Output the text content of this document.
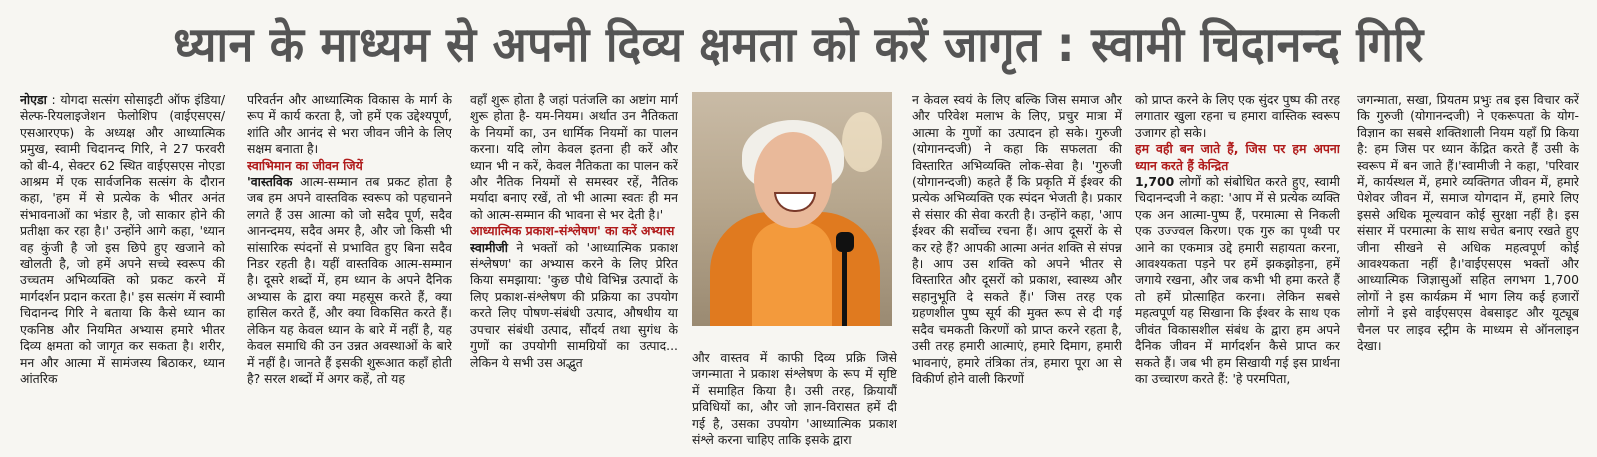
ध्यान के माध्यम से अपनी दिव्य क्षमता को करें जागृत : स्वामी चिदानन्द गिरि

नोएडा : योगदा सत्संग सोसाइटी ऑफ इंडिया/सेल्फ-रियलाइजेशन फेलोशिप (वाईएसएस/एसआरएफ) के अध्यक्ष और आध्यात्मिक प्रमुख, स्वामी चिदानन्द गिरि, ने 27 फरवरी को बी-4, सेक्टर 62 स्थित वाईएसएस नोएडा आश्रम में एक सार्वजनिक सत्संग के दौरान कहा, 'हम में से प्रत्येक के भीतर अनंत संभावनाओं का भंडार है, जो साकार होने की प्रतीक्षा कर रहा है।' उन्होंने आगे कहा, 'ध्यान वह कुंजी है जो इस छिपे हुए खजाने को खोलती है, जो हमें अपने सच्चे स्वरूप की उच्चतम अभिव्यक्ति को प्रकट करने में मार्गदर्शन प्रदान करता है।' इस सत्संग में स्वामी चिदानन्द गिरि ने बताया कि कैसे ध्यान का एकनिष्ठ और नियमित अभ्यास हमारे भीतर दिव्य क्षमता को जागृत कर सकता है। शरीर, मन और आत्मा में सामंजस्य बिठाकर, ध्यान आंतरिक

परिवर्तन और आध्यात्मिक विकास के मार्ग के रूप में कार्य करता है, जो हमें एक उद्देश्यपूर्ण, शांति और आनंद से भरा जीवन जीने के लिए सक्षम बनाता है।

स्वाभिमान का जीवन जियें

'वास्तविक आत्म-सम्मान तब प्रकट होता है जब हम अपने वास्तविक स्वरूप को पहचानने लगते हैं उस आत्मा को जो सदैव पूर्ण, सदैव आनन्दमय, सदैव अमर है, और जो किसी भी सांसारिक स्पंदनों से प्रभावित हुए बिना सदैव निडर रहती है। यहीं वास्तविक आत्म-सम्मान है। दूसरे शब्दों में, हम ध्यान के अपने दैनिक अभ्यास के द्वारा क्या महसूस करते हैं, क्या हासिल करते हैं, और क्या विकसित करते हैं। लेकिन यह केवल ध्यान के बारे में नहीं है, यह केवल समाधि की उन उन्नत अवस्थाओं के बारे में नहीं है। जानते हैं इसकी शुरूआत कहाँ होती है? सरल शब्दों में अगर कहें, तो यह

वहाँ शुरू होता है जहां पतंजलि का अष्टांग मार्ग शुरू होता है- यम-नियम। अर्थात उन नैतिकता के नियमों का, उन धार्मिक नियमों का पालन करना। यदि लोग केवल इतना ही करें और ध्यान भी न करें, केवल नैतिकता का पालन करें और नैतिक नियमों से समस्वर रहें, नैतिक मर्यादा बनाए रखें, तो भी आत्मा स्वतः ही मन को आत्म-सम्मान की भावना से भर देती है।'

आध्यात्मिक प्रकाश-संश्लेषण' का करें अभ्यास

स्वामीजी ने भक्तों को 'आध्यात्मिक प्रकाश संश्लेषण' का अभ्यास करने के लिए प्रेरित किया समझाया: 'कुछ पौधे विभिन्न उत्पादों के लिए प्रकाश-संश्लेषण की प्रक्रिया का उपयोग करते लिए पोषण-संबंधी उत्पाद, औषधीय या उपचार संबंधी उत्पाद, सौंदर्य तथा सुगंध के गुणों का उपयोगी सामग्रियों का उत्पाद... लेकिन ये सभी उस अद्भुत	और वास्तव में काफी दिव्य प्रक्रि जिसे जगन्माता ने प्रकाश संश्लेषण के रूप में सृष्टि में समाहित किया है। उसी तरह, क्रियायौं प्रविधियों का, और जो ज्ञान-विरासत हमें दी गई है, उसका उपयोग 'आध्यात्मिक प्रकाश संश्ले करना चाहिए ताकि इसके द्वारा

न केवल स्वयं के लिए बल्कि जिस समाज और और परिवेश मलाभ के लिए, प्रचुर मात्रा में आत्मा के गुणों का उत्पादन हो सके। गुरुजी (योगानन्दजी) ने कहा कि सफलता की विस्तारित अभिव्यक्ति लोक-सेवा है। 'गुरुजी (योगानन्दजी) कहते हैं कि प्रकृति में ईश्वर की प्रत्येक अभिव्यक्ति एक स्पंदन भेजती है। प्रकार से संसार की सेवा करती है। उन्होंने कहा, 'आप ईश्वर की सर्वोच्च रचना हैं। आप दूसरों के से कर रहे हैं? आपकी आत्मा अनंत शक्ति से संपन्न है। आप उस शक्ति को अपने भीतर से विस्तारित और दूसरों को प्रकाश, स्वास्थ्य और सहानुभूति दे सकते हैं।' जिस तरह एक ग्रहणशील पुष्प सूर्य की मुक्त रूप से दी गई सदैव चमकती किरणों को प्राप्त करने रहता है, उसी तरह हमारी आत्माएं, हमारे दिमाग, हमारी भावनाएं, हमारे तंत्रिका तंत्र, हमारा पूरा आ से विकीर्ण होने वाली किरणों

को प्राप्त करने के लिए एक सुंदर पुष्प की तरह लगातार खुला रहना च हमारा वास्तिक स्वरूप उजागर हो सके।

हम वही बन जाते हैं, जिस पर हम अपना ध्यान करते हैं केन्द्रित

1,700 लोगों को संबोधित करते हुए, स्वामी चिदानन्दजी ने कहा: 'आप में से प्रत्येक व्यक्ति एक अन आत्मा-पुष्प हैं, परमात्मा से निकली एक उज्ज्वल किरण। एक गुरु का पृथ्वी पर आने का एकमात्र उद्दे हमारी सहायता करना, आवश्यकता पड़ने पर हमें झकझोड़ना, हमें जगाये रखना, और जब कभी भी हमा करते हैं तो हमें प्रोत्साहित करना। लेकिन सबसे महत्वपूर्ण यह सिखाना कि ईश्वर के साथ एक जीवंत विकासशील संबंध के द्वारा हम अपने दैनिक जीवन में मार्गदर्शन कैसे प्राप्त कर सकते हैं। जब भी हम सिखायी गई इस प्रार्थना का उच्चारण करते हैं: 'हे परमपिता,

जगन्माता, सखा, प्रियतम प्रभुः तब इस विचार करें कि गुरुजी (योगानन्दजी) ने एकरूपता के योग-विज्ञान का सबसे शक्तिशाली नियम यहाँ प्रि किया है: हम जिस पर ध्यान केंद्रित करते हैं उसी के स्वरूप में बन जाते हैं।'स्वामीजी ने कहा, 'परिवार में, कार्यस्थल में, हमारे व्यक्तिगत जीवन में, हमारे पेशेवर जीवन में, समाज योगदान में, हमारे लिए इससे अधिक मूल्यवान कोई सुरक्षा नहीं है। इस संसार में परमात्मा के साथ सचेत बनाए रखते हुए जीना सीखने से अधिक महत्वपूर्ण कोई आवश्यकता नहीं है।'वाईएसएस भक्तों और आध्यात्मिक जिज्ञासुओं सहित लगभग 1,700 लोगों ने इस कार्यक्रम में भाग लिय कई हजारों लोगों ने इसे वाईएसएस वेबसाइट और यूट्यूब चैनल पर लाइव स्ट्रीम के माध्यम से ऑनलाइन देखा।
